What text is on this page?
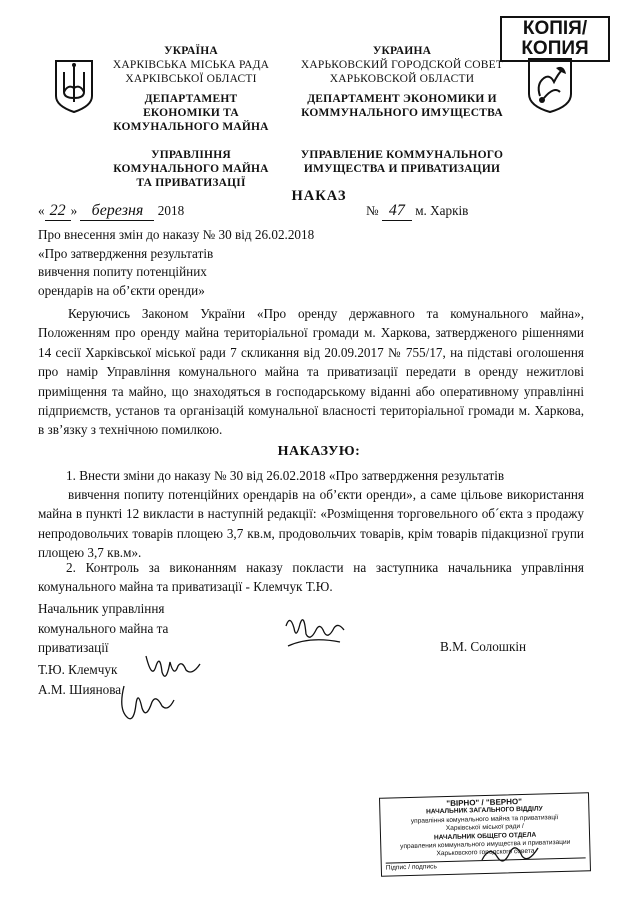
КОПІЯ/
КОПИЯ
УКРАЇНА
ХАРКІВСЬКА МІСЬКА РАДА
ХАРКІВСЬКОЇ ОБЛАСТІ
ДЕПАРТАМЕНТ
ЕКОНОМІКИ ТА
КОМУНАЛЬНОГО МАЙНА
УПРАВЛІННЯ
КОМУНАЛЬНОГО МАЙНА
ТА ПРИВАТИЗАЦІЇ
УКРАИНА
ХАРЬКОВСКИЙ ГОРОДСКОЙ СОВЕТ
ХАРЬКОВСКОЙ ОБЛАСТИ
ДЕПАРТАМЕНТ ЭКОНОМИКИ И
КОММУНАЛЬНОГО ИМУЩЕСТВА
УПРАВЛЕНИЕ КОММУНАЛЬНОГО
ИМУЩЕСТВА И ПРИВАТИЗАЦИИ
НАКАЗ
« 22 » березня 2018	№ 47 м. Харків
Про внесення змін до наказу № 30 від 26.02.2018
«Про затвердження результатів
вивчення попиту потенційних
орендарів на об’єкти оренди»
Керуючись Законом України «Про оренду державного та комунального майна», Положенням про оренду майна територіальної громади м. Харкова, затвердженого рішеннями 14 сесії Харківської міської ради 7 скликання від 20.09.2017 № 755/17, на підставі оголошення про намір Управління комунального майна та приватизації передати в оренду нежитлові приміщення та майно, що знаходяться в господарському віданні або оперативному управлінні підприємств, установ та організацій комунальної власності територіальної громади м. Харкова, в зв’язку з технічною помилкою.
НАКАЗУЮ:
1. Внести зміни до наказу № 30 від 26.02.2018 «Про затвердження результатів
вивчення попиту потенційних орендарів на об’єкти оренди», а саме цільове використання майна в пункті 12 викласти в наступній редакції: «Розміщення торговельного об´єкта з продажу непродовольчих товарів площею 3,7 кв.м, продовольчих товарів, крім товарів підакцизної групи площею 3,7 кв.м».
2. Контроль за виконанням наказу покласти на заступника начальника управління комунального майна та приватизації - Клемчук Т.Ю.
Начальник управління
комунального майна та
приватизації	В.М. Солошкін
Т.Ю. Клемчук
А.М. Шиянова
"ВІРНО" / "ВЕРНО"
НАЧАЛЬНИК ЗАГАЛЬНОГО ВІДДІЛУ
управління комунального майна та приватизації
Харківської міської ради /
НАЧАЛЬНИК ОБЩЕГО ОТДЕЛА
управления коммунального имущества и приватизации
Харьковского городского совета
Підпис / подпись
